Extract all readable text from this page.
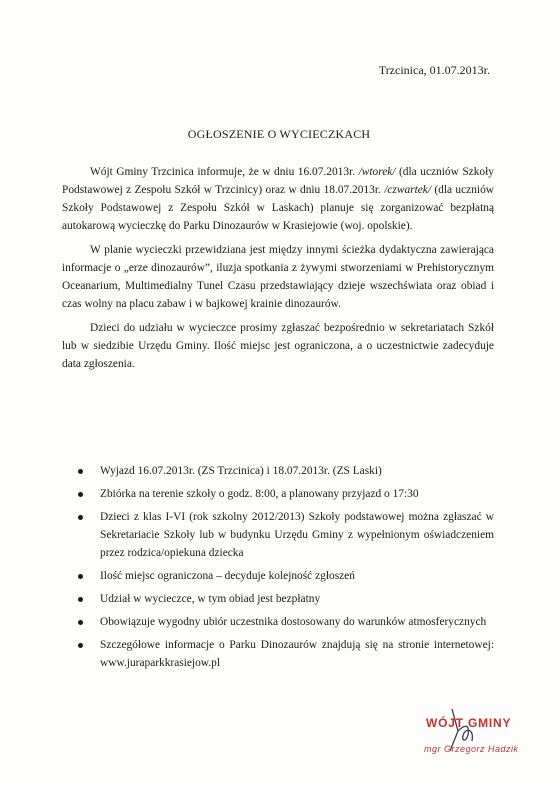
Trzcinica, 01.07.2013r.
OGŁOSZENIE O WYCIECZKACH

Wójt Gminy Trzcinica informuje, że w dniu 16.07.2013r. /wtorek/ (dla uczniów Szkoły Podstawowej z Zespołu Szkół w Trzcinicy) oraz w dniu 18.07.2013r. /czwartek/ (dla uczniów Szkoły Podstawowej z Zespołu Szkół w Laskach) planuje się zorganizować bezpłatną autokarową wycieczkę do Parku Dinozaurów w Krasiejowie (woj. opolskie).

W planie wycieczki przewidziana jest między innymi ścieżka dydaktyczna zawierająca informacje o „erze dinozaurów”, iluzja spotkania z żywymi stworzeniami w Prehistorycznym Oceanarium, Multimedialny Tunel Czasu przedstawiający dzieje wszechświata oraz obiad i czas wolny na placu zabaw i w bajkowej krainie dinozaurów.

Dzieci do udziału w wycieczce prosimy zgłaszać bezpośrednio w sekretariatach Szkół lub w siedzibie Urzędu Gminy. Ilość miejsc jest ograniczona, a o uczestnictwie zadecyduje data zgłoszenia.

Wyjazd 16.07.2013r. (ZS Trzcinica) i 18.07.2013r. (ZS Laski)
Zbiórka na terenie szkoły o godz. 8:00, a planowany przyjazd o 17:30
Dzieci z klas I-VI (rok szkolny 2012/2013) Szkoły podstawowej można zgłaszać w Sekretariacie Szkoły lub w budynku Urzędu Gminy z wypełnionym oświadczeniem przez rodzica/opiekuna dziecka
Ilość miejsc ograniczona – decyduje kolejność zgłoszeń
Udział w wycieczce, w tym obiad jest bezpłatny
Obowiązuje wygodny ubiór uczestnika dostosowany do warunków atmosferycznych
Szczegółowe informacje o Parku Dinozaurów znajdują się na stronie internetowej: www.juraparkkrasiejow.pl
WÓJT GMINY
mgr Grzegorz Hadzik
